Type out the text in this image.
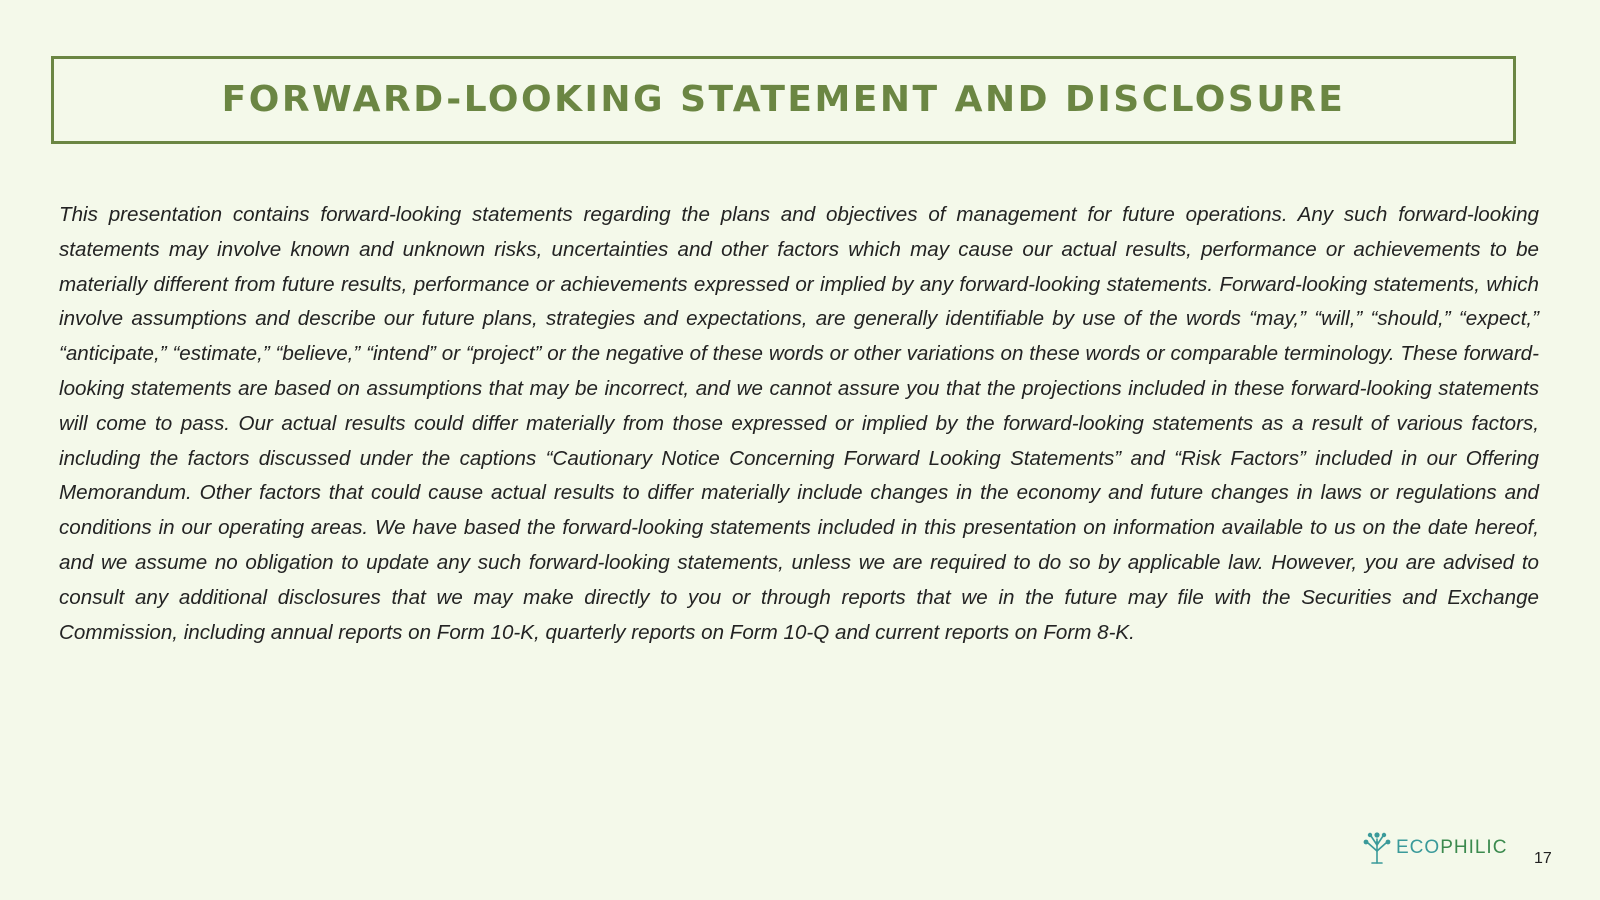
FORWARD-LOOKING STATEMENT AND DISCLOSURE

This presentation contains forward-looking statements regarding the plans and objectives of management for future operations. Any such forward-looking statements may involve known and unknown risks, uncertainties and other factors which may cause our actual results, performance or achievements to be materially different from future results, performance or achievements expressed or implied by any forward-looking statements. Forward-looking statements, which involve assumptions and describe our future plans, strategies and expectations, are generally identifiable by use of the words “may,” “will,” “should,” “expect,” “anticipate,” “estimate,” “believe,” “intend” or “project” or the negative of these words or other variations on these words or comparable terminology. These forward-looking statements are based on assumptions that may be incorrect, and we cannot assure you that the projections included in these forward-looking statements will come to pass. Our actual results could differ materially from those expressed or implied by the forward-looking statements as a result of various factors, including the factors discussed under the captions “Cautionary Notice Concerning Forward Looking Statements” and “Risk Factors” included in our Offering Memorandum. Other factors that could cause actual results to differ materially include changes in the economy and future changes in laws or regulations and conditions in our operating areas. We have based the forward-looking statements included in this presentation on information available to us on the date hereof, and we assume no obligation to update any such forward-looking statements, unless we are required to do so by applicable law. However, you are advised to consult any additional disclosures that we may make directly to you or through reports that we in the future may file with the Securities and Exchange Commission, including annual reports on Form 10-K, quarterly reports on Form 10-Q and current reports on Form 8-K.

ECOPHILIC
17
